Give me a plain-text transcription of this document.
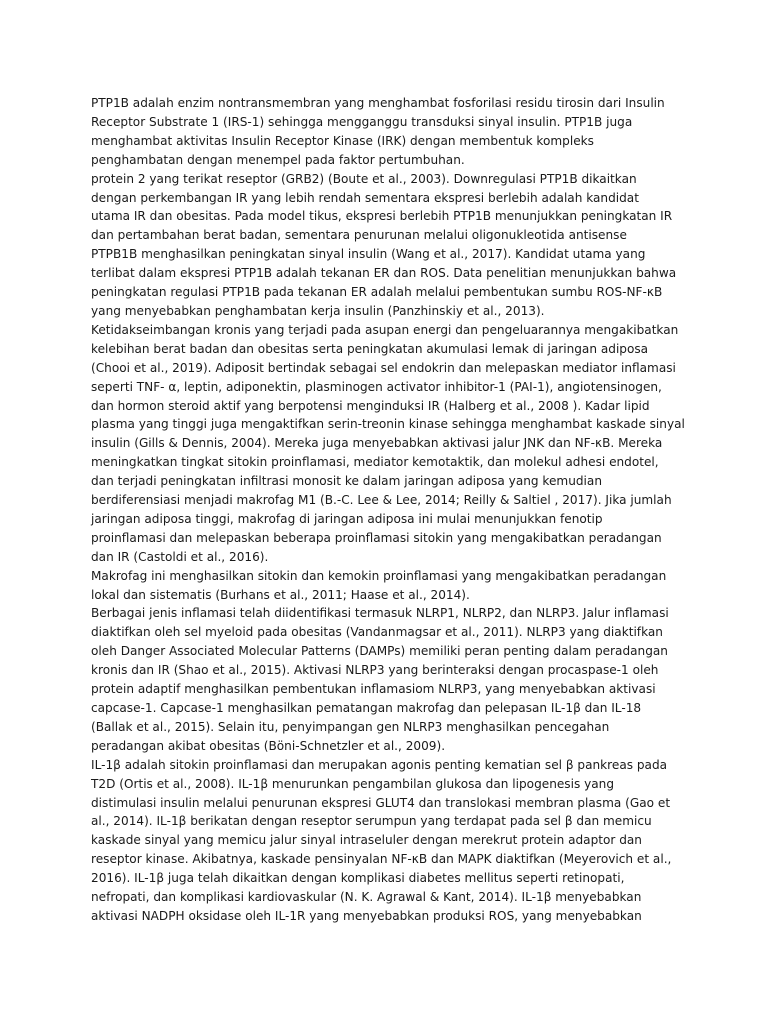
PTP1B adalah enzim nontransmembran yang menghambat fosforilasi residu tirosin dari Insulin
Receptor Substrate 1 (IRS-1) sehingga mengganggu transduksi sinyal insulin. PTP1B juga
menghambat aktivitas Insulin Receptor Kinase (IRK) dengan membentuk kompleks
penghambatan dengan menempel pada faktor pertumbuhan.

protein 2 yang terikat reseptor (GRB2) (Boute et al., 2003). Downregulasi PTP1B dikaitkan
dengan perkembangan IR yang lebih rendah sementara ekspresi berlebih adalah kandidat
utama IR dan obesitas. Pada model tikus, ekspresi berlebih PTP1B menunjukkan peningkatan IR
dan pertambahan berat badan, sementara penurunan melalui oligonukleotida antisense
PTPB1B menghasilkan peningkatan sinyal insulin (Wang et al., 2017). Kandidat utama yang
terlibat dalam ekspresi PTP1B adalah tekanan ER dan ROS. Data penelitian menunjukkan bahwa
peningkatan regulasi PTP1B pada tekanan ER adalah melalui pembentukan sumbu ROS-NF-κB
yang menyebabkan penghambatan kerja insulin (Panzhinskiy et al., 2013).

Ketidakseimbangan kronis yang terjadi pada asupan energi dan pengeluarannya mengakibatkan
kelebihan berat badan dan obesitas serta peningkatan akumulasi lemak di jaringan adiposa
(Chooi et al., 2019). Adiposit bertindak sebagai sel endokrin dan melepaskan mediator inflamasi
seperti TNF- α, leptin, adiponektin, plasminogen activator inhibitor-1 (PAI-1), angiotensinogen,
dan hormon steroid aktif yang berpotensi menginduksi IR (Halberg et al., 2008 ). Kadar lipid
plasma yang tinggi juga mengaktifkan serin-treonin kinase sehingga menghambat kaskade sinyal
insulin (Gills & Dennis, 2004). Mereka juga menyebabkan aktivasi jalur JNK dan NF-κB. Mereka
meningkatkan tingkat sitokin proinflamasi, mediator kemotaktik, dan molekul adhesi endotel,
dan terjadi peningkatan infiltrasi monosit ke dalam jaringan adiposa yang kemudian
berdiferensiasi menjadi makrofag M1 (B.-C. Lee & Lee, 2014; Reilly & Saltiel , 2017). Jika jumlah
jaringan adiposa tinggi, makrofag di jaringan adiposa ini mulai menunjukkan fenotip
proinflamasi dan melepaskan beberapa proinflamasi sitokin yang mengakibatkan peradangan
dan IR (Castoldi et al., 2016).

Makrofag ini menghasilkan sitokin dan kemokin proinflamasi yang mengakibatkan peradangan
lokal dan sistematis (Burhans et al., 2011; Haase et al., 2014).

Berbagai jenis inflamasi telah diidentifikasi termasuk NLRP1, NLRP2, dan NLRP3. Jalur inflamasi
diaktifkan oleh sel myeloid pada obesitas (Vandanmagsar et al., 2011). NLRP3 yang diaktifkan
oleh Danger Associated Molecular Patterns (DAMPs) memiliki peran penting dalam peradangan
kronis dan IR (Shao et al., 2015). Aktivasi NLRP3 yang berinteraksi dengan procaspase-1 oleh
protein adaptif menghasilkan pembentukan inflamasiom NLRP3, yang menyebabkan aktivasi
capcase-1. Capcase-1 menghasilkan pematangan makrofag dan pelepasan IL-1β dan IL-18
(Ballak et al., 2015). Selain itu, penyimpangan gen NLRP3 menghasilkan pencegahan
peradangan akibat obesitas (Böni-Schnetzler et al., 2009).

IL-1β adalah sitokin proinflamasi dan merupakan agonis penting kematian sel β pankreas pada
T2D (Ortis et al., 2008). IL-1β menurunkan pengambilan glukosa dan lipogenesis yang
distimulasi insulin melalui penurunan ekspresi GLUT4 dan translokasi membran plasma (Gao et
al., 2014). IL-1β berikatan dengan reseptor serumpun yang terdapat pada sel β dan memicu
kaskade sinyal yang memicu jalur sinyal intraseluler dengan merekrut protein adaptor dan
reseptor kinase. Akibatnya, kaskade pensinyalan NF-κB dan MAPK diaktifkan (Meyerovich et al.,
2016). IL-1β juga telah dikaitkan dengan komplikasi diabetes mellitus seperti retinopati,
nefropati, dan komplikasi kardiovaskular (N. K. Agrawal & Kant, 2014). IL-1β menyebabkan
aktivasi NADPH oksidase oleh IL-1R yang menyebabkan produksi ROS, yang menyebabkan
